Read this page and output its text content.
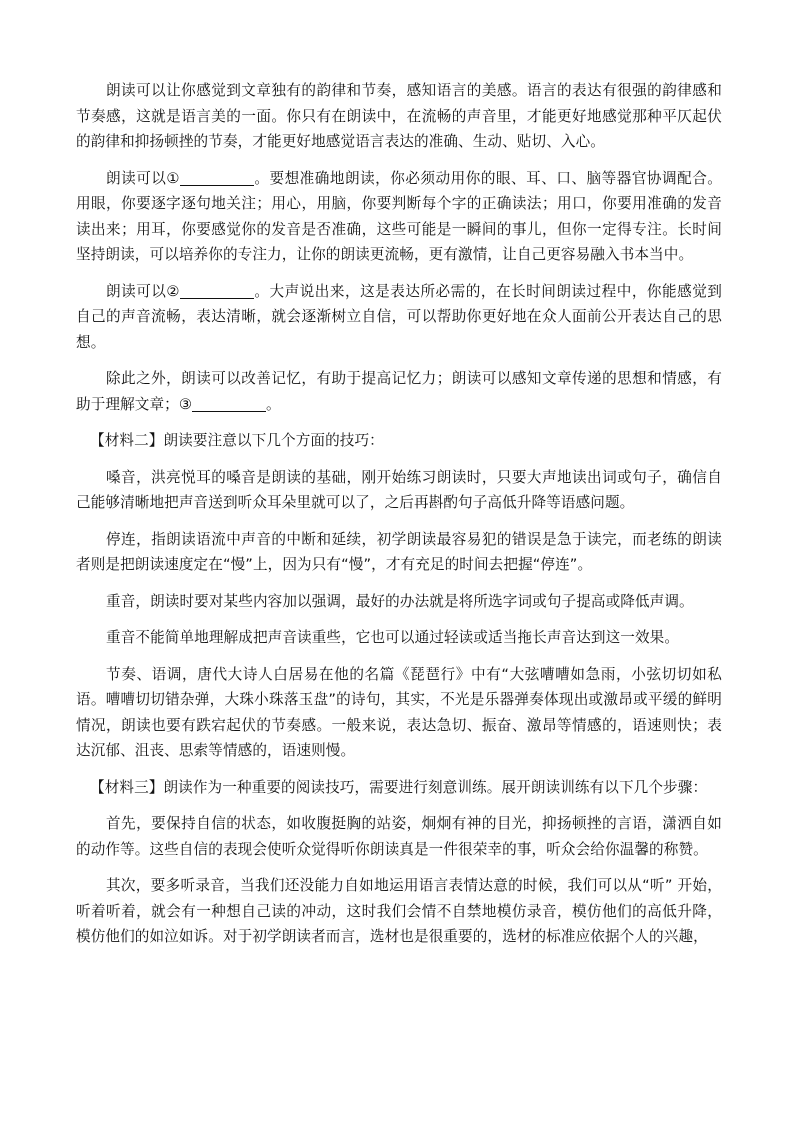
朗读可以让你感觉到文章独有的韵律和节奏，感知语言的美感。语言的表达有很强的韵律感和节奏感，这就是语言美的一面。你只有在朗读中，在流畅的声音里，才能更好地感觉那种平仄起伏的韵律和抑扬顿挫的节奏，才能更好地感觉语言表达的准确、生动、贴切、入心。

朗读可以①	。要想准确地朗读，你必须动用你的眼、耳、口、脑等器官协调配合。用眼，你要逐字逐句地关注；用心，用脑，你要判断每个字的正确读法；用口，你要用准确的发音读出来；用耳，你要感觉你的发音是否准确，这些可能是一瞬间的事儿，但你一定得专注。长时间坚持朗读，可以培养你的专注力，让你的朗读更流畅，更有激情，让自己更容易融入书本当中。

朗读可以②	。大声说出来，这是表达所必需的，在长时间朗读过程中，你能感觉到自己的声音流畅，表达清晰，就会逐渐树立自信，可以帮助你更好地在众人面前公开表达自己的思想。

除此之外，朗读可以改善记忆，有助于提高记忆力；朗读可以感知文章传递的思想和情感，有助于理解文章；③	。

【材料二】朗读要注意以下几个方面的技巧：

嗓音，洪亮悦耳的嗓音是朗读的基础，刚开始练习朗读时，只要大声地读出词或句子，确信自己能够清晰地把声音送到听众耳朵里就可以了，之后再斟酌句子高低升降等语感问题。

停连，指朗读语流中声音的中断和延续，初学朗读最容易犯的错误是急于读完，而老练的朗读者则是把朗读速度定在“慢”上，因为只有“慢”，才有充足的时间去把握“停连”。

重音，朗读时要对某些内容加以强调，最好的办法就是将所选字词或句子提高或降低声调。

重音不能简单地理解成把声音读重些，它也可以通过轻读或适当拖长声音达到这一效果。

节奏、语调，唐代大诗人白居易在他的名篇《琵琶行》中有“大弦嘈嘈如急雨，小弦切切如私语。嘈嘈切切错杂弹，大珠小珠落玉盘”的诗句，其实，不光是乐器弹奏体现出或激昂或平缓的鲜明情况，朗读也要有跌宕起伏的节奏感。一般来说，表达急切、振奋、激昂等情感的，语速则快；表达沉郁、沮丧、思索等情感的，语速则慢。

【材料三】朗读作为一种重要的阅读技巧，需要进行刻意训练。展开朗读训练有以下几个步骤：

首先，要保持自信的状态，如收腹挺胸的站姿，炯炯有神的目光，抑扬顿挫的言语，潇洒自如的动作等。这些自信的表现会使听众觉得听你朗读真是一件很荣幸的事，听众会给你温馨的称赞。

其次，要多听录音，当我们还没能力自如地运用语言表情达意的时候，我们可以从“听” 开始，听着听着，就会有一种想自己读的冲动，这时我们会情不自禁地模仿录音，模仿他们的高低升降，模仿他们的如泣如诉。对于初学朗读者而言，选材也是很重要的，选材的标准应依据个人的兴趣，
